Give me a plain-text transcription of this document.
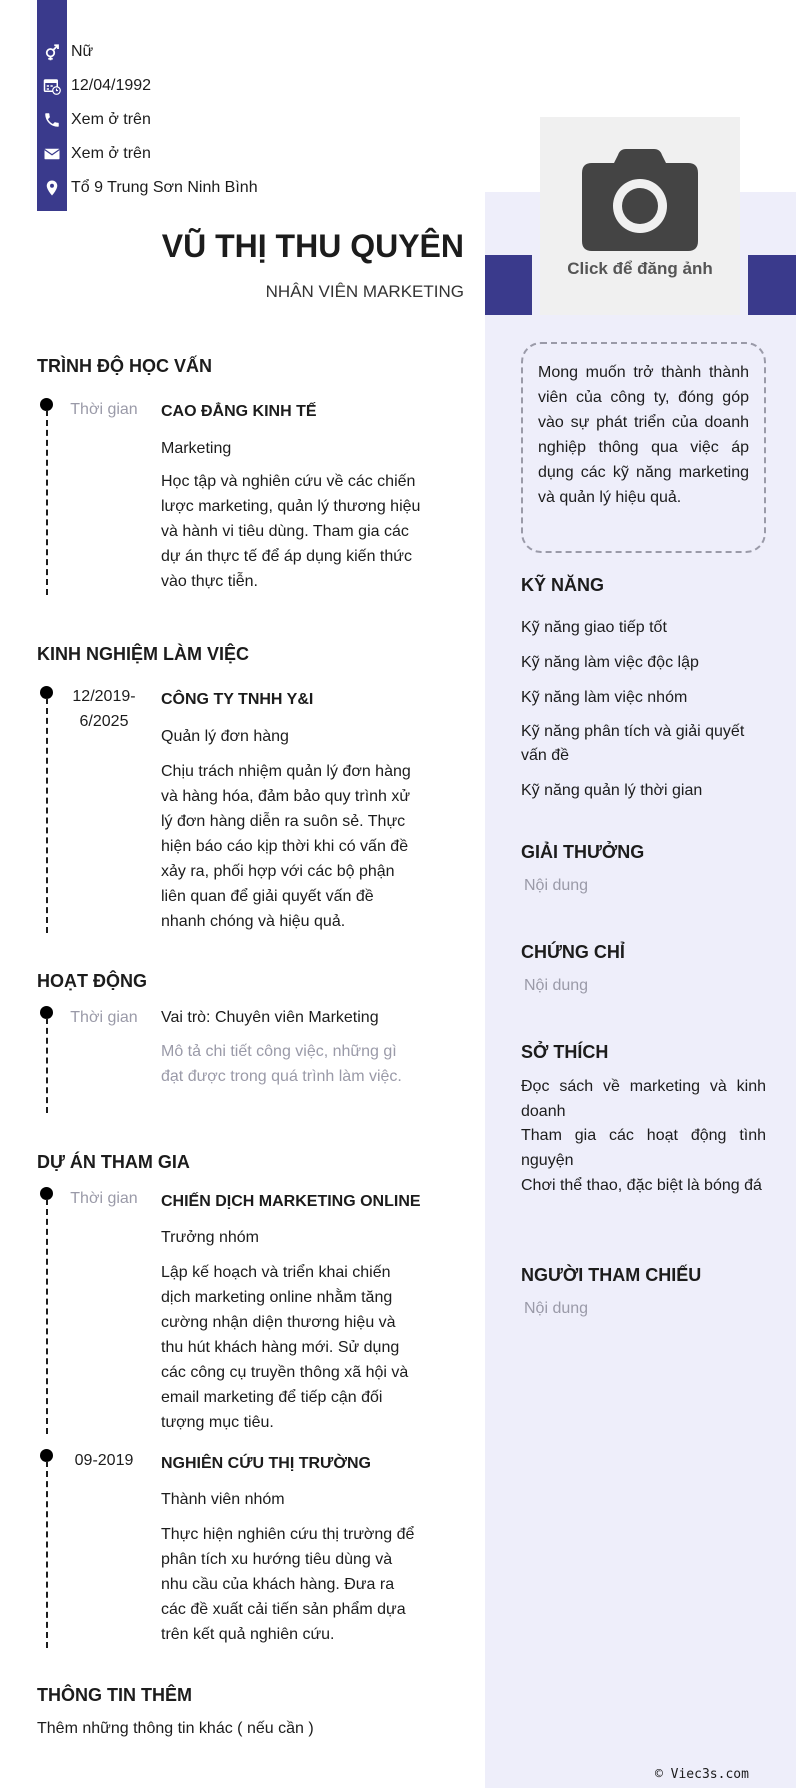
Nữ
12/04/1992
Xem ở trên
Xem ở trên
Tổ 9 Trung Sơn Ninh Bình
VŨ THỊ THU QUYÊN
NHÂN VIÊN MARKETING
Click để đăng ảnh
Mong muốn trở thành thành viên của công ty, đóng góp vào sự phát triển của doanh nghiệp thông qua việc áp dụng các kỹ năng marketing và quản lý hiệu quả.
KỸ NĂNG
Kỹ năng giao tiếp tốt
Kỹ năng làm việc độc lập
Kỹ năng làm việc nhóm
Kỹ năng phân tích và giải quyết vấn đề
Kỹ năng quản lý thời gian
GIẢI THƯỞNG
Nội dung
CHỨNG CHỈ
Nội dung
SỞ THÍCH
Đọc sách về marketing và kinh doanh
Tham gia các hoạt động tình nguyện
Chơi thể thao, đặc biệt là bóng đá
NGƯỜI THAM CHIẾU
Nội dung
TRÌNH ĐỘ HỌC VẤN
Thời gian	CAO ĐẲNG KINH TẾ
Marketing
Học tập và nghiên cứu về các chiến lược marketing, quản lý thương hiệu và hành vi tiêu dùng. Tham gia các dự án thực tế để áp dụng kiến thức vào thực tiễn.
KINH NGHIỆM LÀM VIỆC
12/2019- 6/2025
CÔNG TY TNHH Y&I
Quản lý đơn hàng
Chịu trách nhiệm quản lý đơn hàng và hàng hóa, đảm bảo quy trình xử lý đơn hàng diễn ra suôn sẻ. Thực hiện báo cáo kịp thời khi có vấn đề xảy ra, phối hợp với các bộ phận liên quan để giải quyết vấn đề nhanh chóng và hiệu quả.
HOẠT ĐỘNG
Thời gian	Vai trò: Chuyên viên Marketing
Mô tả chi tiết công việc, những gì đạt được trong quá trình làm việc.
DỰ ÁN THAM GIA
Thời gian	CHIẾN DỊCH MARKETING ONLINE
Trưởng nhóm
Lập kế hoạch và triển khai chiến dịch marketing online nhằm tăng cường nhận diện thương hiệu và thu hút khách hàng mới. Sử dụng các công cụ truyền thông xã hội và email marketing để tiếp cận đối tượng mục tiêu.
09-2019	NGHIÊN CỨU THỊ TRƯỜNG
Thành viên nhóm
Thực hiện nghiên cứu thị trường để phân tích xu hướng tiêu dùng và nhu cầu của khách hàng. Đưa ra các đề xuất cải tiến sản phẩm dựa trên kết quả nghiên cứu.
THÔNG TIN THÊM
Thêm những thông tin khác ( nếu cần )
© Viec3s.com
